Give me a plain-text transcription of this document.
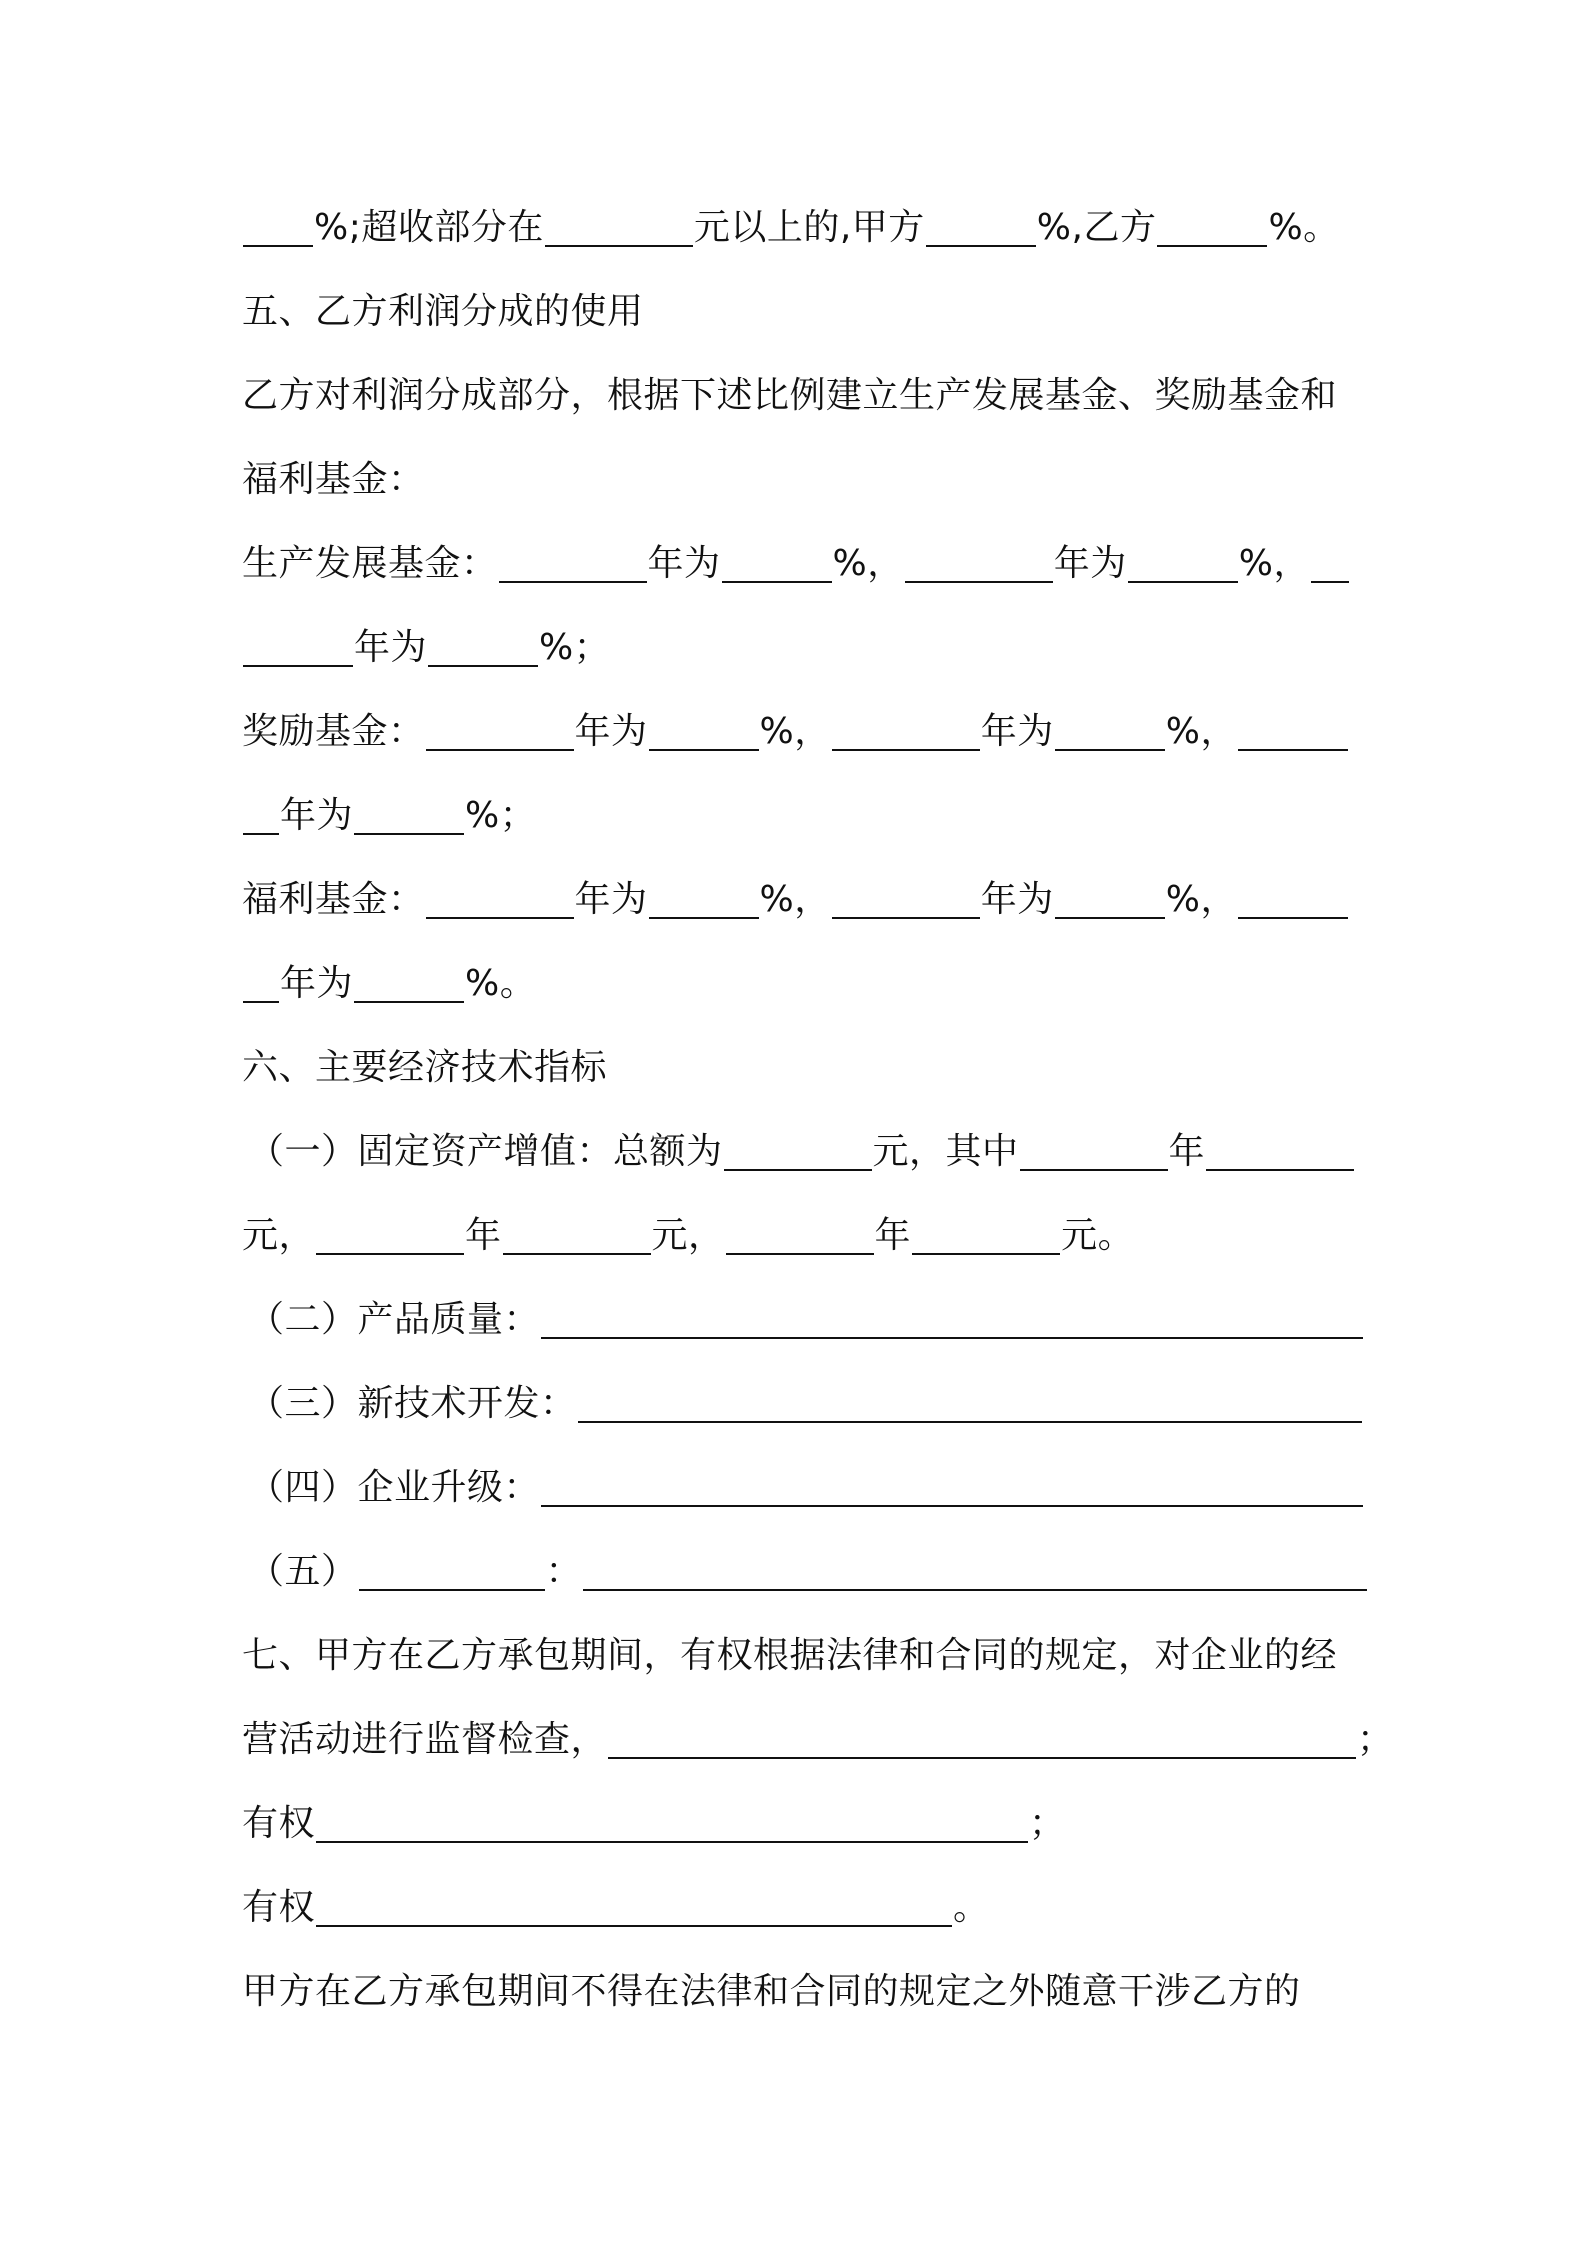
%;超收部分在	元以上的,甲方	%,乙方	%。
五、乙方利润分成的使用
乙方对利润分成部分，根据下述比例建立生产发展基金、奖励基金和
福利基金：
生产发展基金：	年为	%，	年为	%，
年为	%；
奖励基金：	年为	%，	年为	%，
年为	%；
福利基金：	年为	%，	年为	%，
年为	%。
六、主要经济技术指标
（一）固定资产增值：总额为	元，其中	年
元，	年	元，	年	元。
（二）产品质量：
（三）新技术开发：
（四）企业升级：
（五）	：
七、甲方在乙方承包期间，有权根据法律和合同的规定，对企业的经
营活动进行监督检查，	；
有权	；
有权	。
甲方在乙方承包期间不得在法律和合同的规定之外随意干涉乙方的
